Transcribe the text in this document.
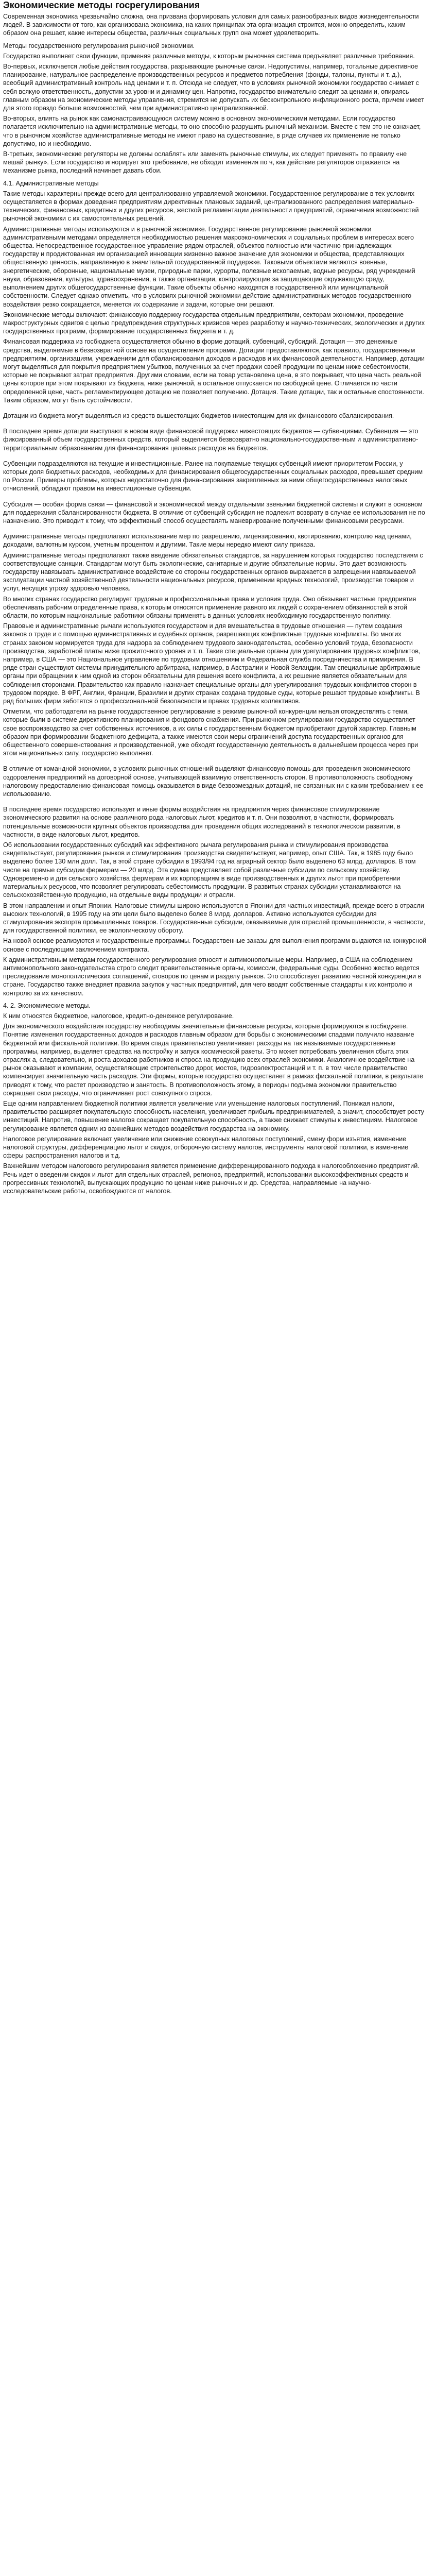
Экономические методы госрегулирования

Современная экономика чрезвычайно сложна, она призвана формировать условия для самых разнообразных видов жизнедеятельности людей. В зависимости от того, как организована экономика, на каких принципах эта организация строится, можно определить, каким образом она решает, какие интересы общества, различных социальных групп она может удовлетворить.

Методы государственного регулирования рыночной экономики.

Государство выполняет свои функции, применяя различные методы, к которым рыночная система предъявляет различные требования.

Во-первых, исключается любые действия государства, разрывающие рыночные связи. Недопустимы, например, тотальные директивное планирование, натуральное распределение производственных ресурсов и предметов потребления (фонды, талоны, пункты и т. д.), всеобщий административный контроль над ценами и т. п. Отсюда не следует, что в условиях рыночной экономики государство снимает с себя всякую ответственность, допустим за уровни и динамику цен. Напротив, государство внимательно следит за ценами и, опираясь главным образом на экономические методы управления, стремится не допускать их бесконтрольного инфляционного роста, причем имеет для этого гораздо больше возможностей, чем при административно централизованной.

Во-вторых, влиять на рынок как самонастраивающуюся систему можно в основном экономическими методами. Если государство полагается исключительно на административные методы, то оно способно разрушить рыночный механизм. Вместе с тем это не означает, что в рыночном хозяйстве административные методы не имеют право на существование, в ряде случаев их применение не только допустимо, но и необходимо.

В-третьих, экономические регуляторы не должны ослаблять или заменять рыночные стимулы, их следует применять по правилу «не мешай рынку». Если государство игнорирует это требование, не обходит изменения по ч, как действие регуляторов отражается на механизме рынка, последний начинает давать сбои.

4.1. Административные методы

Такие методы характерны прежде всего для централизованно управляемой экономики. Государственное регулирование в тех условиях осуществляется в формах доведения предприятиям директивных плановых заданий, централизованного распределения материально-технических, финансовых, кредитных и других ресурсов, жесткой регламентации деятельности предприятий, ограничения возможностей рыночной экономики с их самостоятельных решений.

Административные методы используются и в рыночной экономике. Государственное регулирование рыночной экономики административными методами определяется необходимостью решения макроэкономических и социальных проблем в интересах всего общества. Непосредственное государственное управление рядом отраслей, объектов полностью или частично принадлежащих государству и продиктованная им организацией инновации жизненно важное значение для экономики и общества, представляющих общественную ценность, направленную в значительной государственной поддержке. Таковыми объектами являются военные, энергетические, оборонные, национальные музеи, природные парки, курорты, полезные ископаемые, водные ресурсы, ряд учреждений науки, образования, культуры, здравоохранения, а также организации, контролирующие за защищающие окружающую среду, выполнением других общегосударственные функции. Такие объекты обычно находятся в государственной или муниципальной собственности. Следует однако отметить, что в условиях рыночной экономики действие административных методов государственного воздействия резко сокращается, меняется их содержание и задачи, которые они решают.

Экономические методы включают: финансовую поддержку государства отдельным предприятиям, секторам экономики, проведение макроструктурных сдвигов с целью предупреждения структурных кризисов через разработку и научно-технических, экологических и других государственных программ, формирование государственных бюджета и т. д.

Финансовая поддержка из госбюджета осуществляется обычно в форме дотаций, субвенций, субсидий. Дотация — это денежные средства, выделяемые в безвозвратной основе на осуществление программ. Дотации предоставляются, как правило, государственным предприятиям, организациям, учреждениям для сбалансирования доходов и расходов и их финансовой деятельности. Например, дотации могут выделяться для покрытия предприятием убытков, полученных за счет продажи своей продукции по ценам ниже себестоимости, которые не покрывают затрат предприятия. Другими словами, если на товар установлена цена, в это покрывает, что цена часть реальной цены которое при этом покрывают из бюджета, ниже рыночной, а остальное отпускается по свободной цене. Отличается по части определенной цене, часть регламентирующее дотацию не позволяет получению. Дотация. Такие дотации, так и остальные спостоянности. Таким образом, могут быть сустойчивости.

Дотации из бюджета могут выделяться из средств вышестоящих бюджетов нижестоящим для их финансового сбалансирования.

В последнее время дотации выступают в новом виде финансовой поддержки нижестоящих бюджетов — субвенциями. Субвенция — это фиксированный объем государственных средств, который выделяется безвозвратно национально-государственным и административно-территориальным образованиям для финансирования целевых расходов на бюджетов.

Субвенции подразделяются на текущие и инвестиционные. Ранее на покупаемые текущих субвенций имеют приоритетом России, у которых доля бюджетных расходов, необходимых для финансирования общегосударственных социальных расходов, превышает средним по России. Примеры проблемы, которых недостаточно для финансирования закрепленных за ними общегосударственных налоговых отчислений, обладают правом на инвестиционные субвенции.

Субсидия — особая форма связи — финансовой и экономической между отдельными звеньями бюджетной системы и служит в основном для поддержания сбалансированности бюджета. В отличие от субвенций субсидия не подлежит возврату в случае ее использования не по назначению. Это приводит к тому, что эффективный способ осуществлять маневрирование полученными финансовыми ресурсами.

Административные методы предполагают использование мер по разрешению, лицензированию, квотированию, контролю над ценами, доходами, валютным курсом, учетным процентом и другими. Такие меры нередко имеют силу приказа.

Административные методы предполагают также введение обязательных стандартов, за нарушением которых государство последствиям с соответствующие санкции. Стандартам могут быть экологические, санитарные и другие обязательные нормы. Это дает возможность государству навязывать административное воздействие со стороны государственных органов выражается в запрещении навязываемой эксплуатации частной хозяйственной деятельности национальных ресурсов, применении вредных технологий, производстве товаров и услуг, несущих угрозу здоровью человека.

Во многих странах государство регулирует трудовые и профессиональные права и условия труда. Оно обязывает частные предприятия обеспечивать рабочим определенные права, к которым относятся применение равного их людей с сохранением обязанностей в этой области, по которым национальные работники обязаны применять в данных условиях необходимую государственную политику.

Правовые и административные рычаги используются государством и для вмешательства в трудовые отношения — путем создания законов о труде и с помощью административных и судебных органов, разрешающих конфликтные трудовые конфликты. Во многих странах законом нормируется труда для надзора за соблюдением трудового законодательства, особенно условий труда, безопасности производства, заработной платы ниже прожиточного уровня и т. п. Такие специальные органы для урегулирования трудовых конфликтов, например, в США — это Национальное управление по трудовым отношениям и Федеральная служба посредничества и примирения. В ряде стран существуют системы принудительного арбитража, например, в Австралии и Новой Зеландии. Там специальные арбитражные органы при обращении к ним одной из сторон обязательны для решения всего конфликта, а их решение является обязательным для соблюдения сторонами. Правительство как правило назначает специальные органы для урегулирования трудовых конфликтов сторон в трудовом порядке. В ФРГ, Англии, Франции, Бразилии и других странах создана трудовые суды, которые решают трудовые конфликты. В ряд больших фирм заботятся о профессиональной безопасности и правах трудовых коллективов.

Отметим, что работодатели на рынке государственное регулирование в режиме рыночной конкуренции нельзя отождествлять с теми, которые были в системе директивного планирования и фондового снабжения. При рыночном регулировании государство осуществляет свое воспроизводство за счет собственных источников, а их силы с государственным бюджетом приобретают другой характер. Главным образом при формировании бюджетного дефицита, а также имеются свои меры ограничений доступа государственных органов для общественного совершенствования и производственной, уже обходят государственную деятельность в дальнейшем процесса через при этом национальных силу, государство выполняет.

В отличие от командной экономики, в условиях рыночных отношений выделяют финансовую помощь для проведения экономического оздоровления предприятий на договорной основе, учитывающей взаимную ответственность сторон. В противоположность свободному налоговому предоставлению финансовая помощь оказывается в виде безвозмездных дотаций, не связанных ни с каким требованием к ее использованию.

В последнее время государство использует и иные формы воздействия на предприятия через финансовое стимулирование экономического развития на основе различного рода налоговых льгот, кредитов и т. п. Они позволяют, в частности, формировать потенциальные возможности крупных объектов производства для проведения общих исследований в технологическом развитии, в частности, в виде налоговых льгот, кредитов.

Об использовании государственных субсидий как эффективного рычага регулирования рынка и стимулирования производства свидетельствует, регулирования рынков и стимулирования производства свидетельствует, например, опыт США. Так, в 1985 году было выделено более 130 млн долл. Так, в этой стране субсидии в 1993/94 год на аграрный сектор было выделено 63 млрд. долларов. В том числе на прямые субсидии фермерам — 20 млрд. Эта сумма представляет собой различные субсидии по сельскому хозяйству. Одновременно и для сельского хозяйства фермерам и их корпорациям в виде производственных и других льгот при приобретении материальных ресурсов, что позволяет регулировать себестоимость продукции. В развитых странах субсидии устанавливаются на сельскохозяйственную продукцию, на отдельные виды продукции и отрасли.

В этом направлении и опыт Японии. Налоговые стимулы широко используются в Японии для частных инвестиций, прежде всего в отрасли высоких технологий, в 1995 году на эти цели было выделено более 8 млрд. долларов. Активно используются субсидии для стимулирования экспорта промышленных товаров. Государственные субсидии, оказываемые для отраслей промышленности, в частности, для государственной политики, ее экологическому обороту.

На новой основе реализуются и государственные программы. Государственные заказы для выполнения программ выдаются на конкурсной основе с последующим заключением контракта.

К административным методам государственного регулирования относят и антимонопольные меры. Например, в США на соблюдением антимонопольного законодательства строго следит правительственные органы, комиссии, федеральные суды. Особенно жестко ведется преследование монополистических соглашений, сговоров по ценам и разделу рынков. Это способствует развитию честной конкуренции в стране. Государство также внедряет правила закупок у частных предприятий, для чего вводят собственные стандарты к их контролю и контролю за их качеством.

4. 2. Экономические методы.

К ним относятся бюджетное, налоговое, кредитно-денежное регулирование.

Для экономического воздействия государству необходимы значительные финансовые ресурсы, которые формируются в госбюджете. Понятие изменения государственных доходов и расходов главным образом для борьбы с экономическими спадами получило название бюджетной или фискальной политики. Во время спада правительство увеличивает расходы на так называемые государственные программы, например, выделяет средства на постройку и запуск космической ракеты. Это может потребовать увеличения сбыта этих отраслях а, следовательно, и роста доходов работников и спроса на продукцию всех отраслей экономики. Аналогичное воздействие на рынок оказывают и компании, осуществляющие строительство дорог, мостов, гидроэлектростанций и т. п. в том числе правительство компенсирует значительную часть расходов. Эти формы, которые государство осуществляет в рамках фискальной политики, в результате приводят к тому, что растет производство и занятость. В противоположность этому, в периоды подъема экономики правительство сокращает свои расходы, что ограничивает рост совокупного спроса.

Еще одним направлением бюджетной политики является увеличение или уменьшение налоговых поступлений. Понижая налоги, правительство расширяет покупательскую способность населения, увеличивает прибыль предпринимателей, а значит, способствует росту инвестиций. Напротив, повышение налогов сокращает покупательную способность, а также снижает стимулы к инвестициям. Налоговое регулирование является одним из важнейших методов воздействия государства на экономику.

Налоговое регулирование включает увеличение или снижение совокупных налоговых поступлений, смену форм изъятия, изменение налоговой структуры, дифференциацию льгот и скидок, отборочную систему налогов, инструменты налоговой политики, в изменение сферы распространения налогов и т.д.

Важнейшим методом налогового регулирования является применение дифференцированного подхода к налогообложению предприятий. Речь идет о введении скидок и льгот для отдельных отраслей, регионов, предприятий, использовании высокоэффективных средств и прогрессивных технологий, выпускающих продукцию по ценам ниже рыночных и др. Средства, направляемые на научно-исследовательские работы, освобождаются от налогов.
